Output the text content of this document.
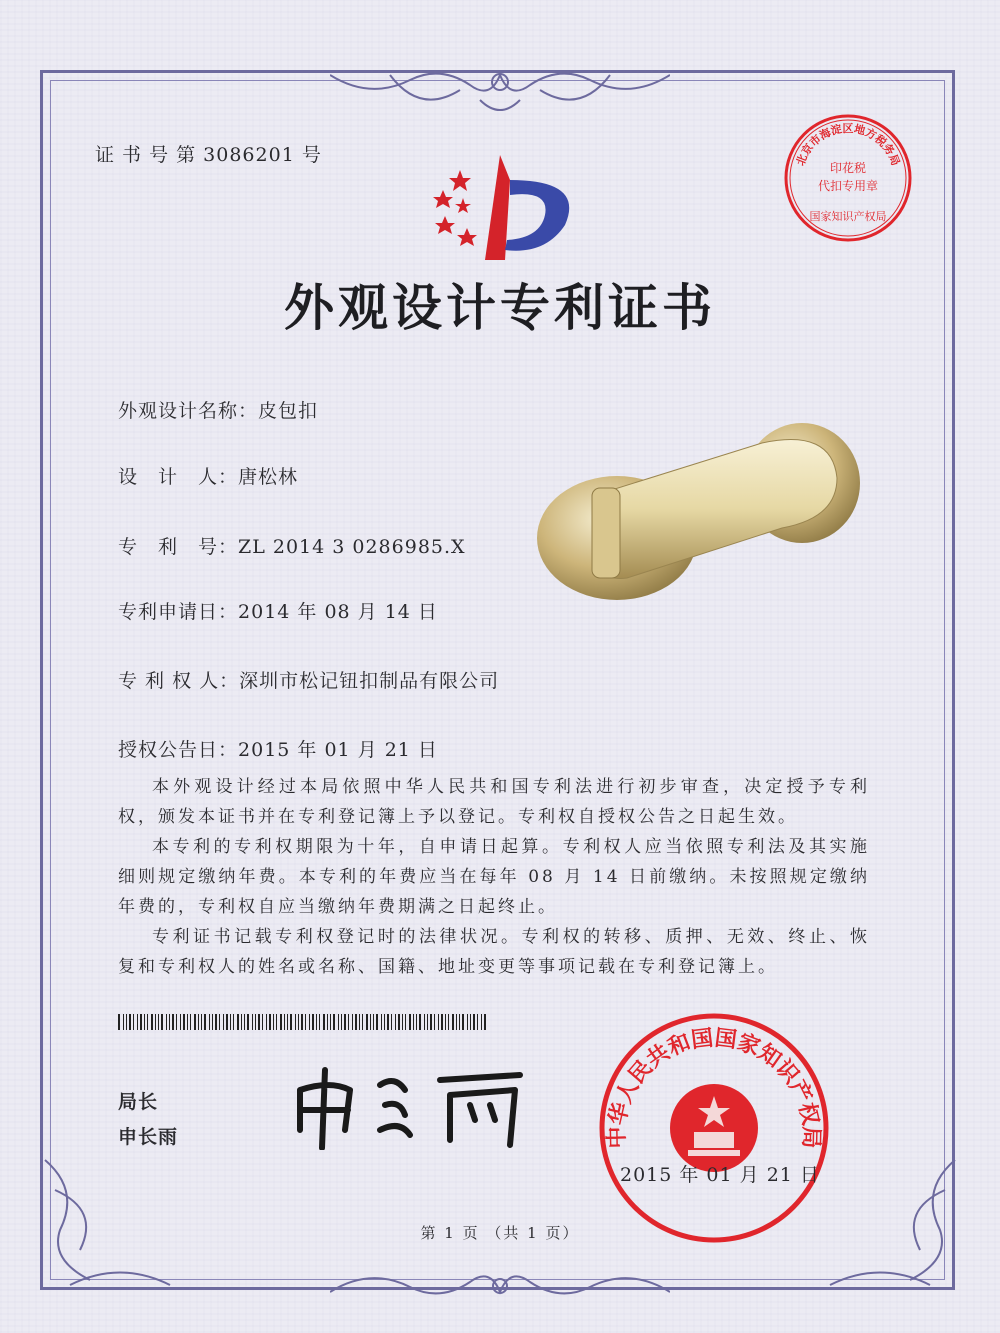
北京市海淀区地方税务局
印花税
代扣专用章
国家知识产权局
证 书 号 第 3086201 号
外观设计专利证书
外观设计名称：皮包扣
设　计　人：唐松林
专　利　号：ZL 2014 3 0286985.X
专利申请日：2014 年 08 月 14 日
专 利 权 人：深圳市松记钮扣制品有限公司
授权公告日：2015 年 01 月 21 日

本外观设计经过本局依照中华人民共和国专利法进行初步审查，决定授予专利权，颁发本证书并在专利登记簿上予以登记。专利权自授权公告之日起生效。

本专利的专利权期限为十年，自申请日起算。专利权人应当依照专利法及其实施细则规定缴纳年费。本专利的年费应当在每年 08 月 14 日前缴纳。未按照规定缴纳年费的，专利权自应当缴纳年费期满之日起终止。

专利证书记载专利权登记时的法律状况。专利权的转移、质押、无效、终止、恢复和专利权人的姓名或名称、国籍、地址变更等事项记载在专利登记簿上。

局长
申长雨	中华人民共和国国家知识产权局
2015 年 01 月 21 日
第 1 页 （共 1 页）
